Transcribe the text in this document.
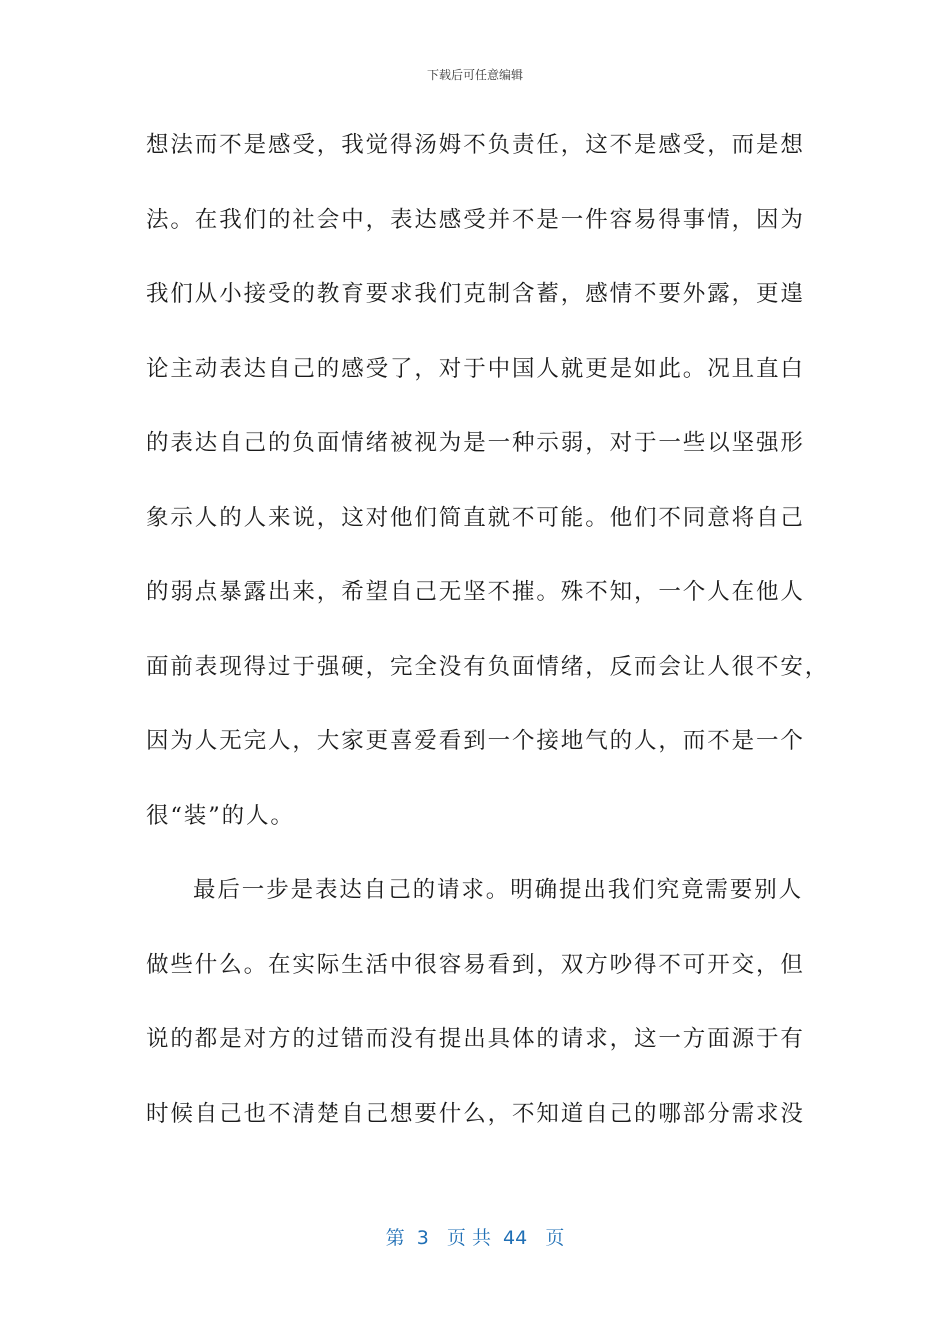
下载后可任意编辑
想法而不是感受，我觉得汤姆不负责任，这不是感受，而是想
法。在我们的社会中，表达感受并不是一件容易得事情，因为
我们从小接受的教育要求我们克制含蓄，感情不要外露，更遑
论主动表达自己的感受了，对于中国人就更是如此。况且直白
的表达自己的负面情绪被视为是一种示弱，对于一些以坚强形
象示人的人来说，这对他们简直就不可能。他们不同意将自己
的弱点暴露出来，希望自己无坚不摧。殊不知，一个人在他人
面前表现得过于强硬，完全没有负面情绪，反而会让人很不安，
因为人无完人，大家更喜爱看到一个接地气的人，而不是一个
很“装”的人。
最后一步是表达自己的请求。明确提出我们究竟需要别人
做些什么。在实际生活中很容易看到，双方吵得不可开交，但
说的都是对方的过错而没有提出具体的请求，这一方面源于有
时候自己也不清楚自己想要什么，不知道自己的哪部分需求没
第  3   页 共  44   页
